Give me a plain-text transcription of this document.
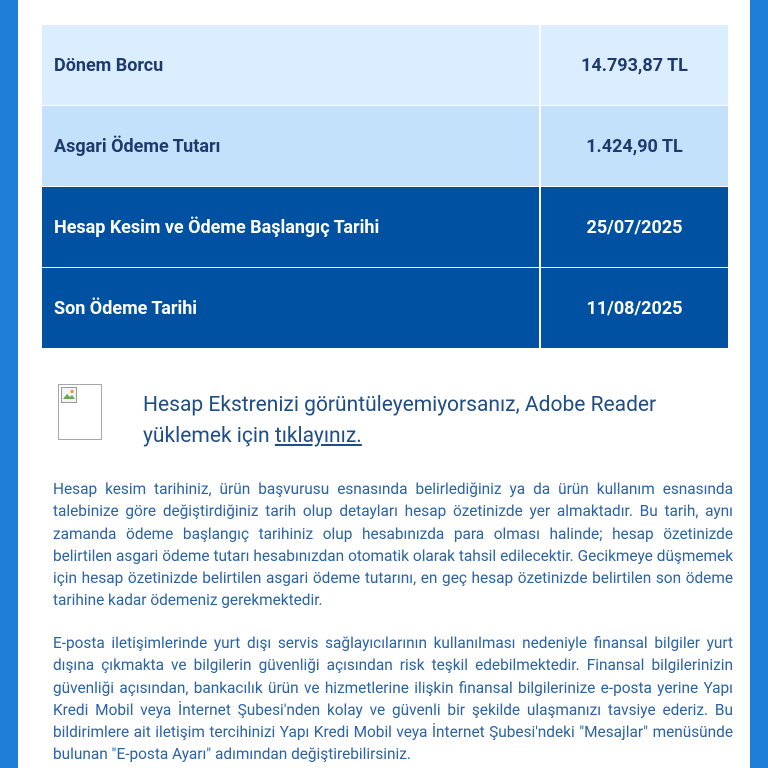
Dönem Borcu	14.793,87 TL
Asgari Ödeme Tutarı	1.424,90 TL
Hesap Kesim ve Ödeme Başlangıç Tarihi	25/07/2025
Son Ödeme Tarihi	11/08/2025
Hesap Ekstrenizi görüntüleyemiyorsanız, Adobe Reader yüklemek için tıklayınız.

Hesap kesim tarihiniz, ürün başvurusu esnasında belirlediğiniz ya da ürün kullanım esnasında talebinize göre değiştirdiğiniz tarih olup detayları hesap özetinizde yer almaktadır. Bu tarih, aynı zamanda ödeme başlangıç tarihiniz olup hesabınızda para olması halinde; hesap özetinizde belirtilen asgari ödeme tutarı hesabınızdan otomatik olarak tahsil edilecektir. Gecikmeye düşmemek için hesap özetinizde belirtilen asgari ödeme tutarını, en geç hesap özetinizde belirtilen son ödeme tarihine kadar ödemeniz gerekmektedir.

E-posta iletişimlerinde yurt dışı servis sağlayıcılarının kullanılması nedeniyle finansal bilgiler yurt dışına çıkmakta ve bilgilerin güvenliği açısından risk teşkil edebilmektedir. Finansal bilgilerinizin güvenliği açısından, bankacılık ürün ve hizmetlerine ilişkin finansal bilgilerinize e-posta yerine Yapı Kredi Mobil veya İnternet Şubesi'nden kolay ve güvenli bir şekilde ulaşmanızı tavsiye ederiz. Bu bildirimlere ait iletişim tercihinizi Yapı Kredi Mobil veya İnternet Şubesi'ndeki "Mesajlar" menüsünde bulunan "E-posta Ayarı" adımından değiştirebilirsiniz.
